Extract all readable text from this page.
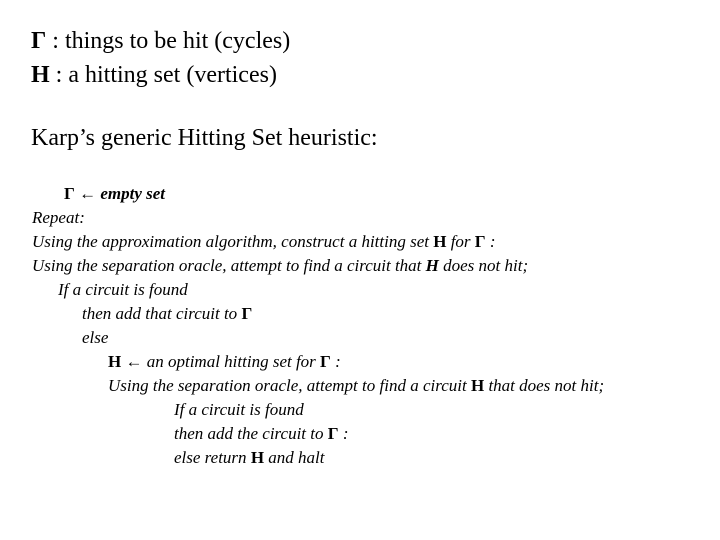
Γ : things to be hit (cycles)
H : a hitting set (vertices)
Karp’s generic Hitting Set heuristic:
Γ ← empty set
Repeat:
Using the approximation algorithm, construct a hitting set H for Γ :
Using the separation oracle, attempt to find a circuit that H does not hit;
If a circuit is found
then add that circuit to Γ
else
H ← an optimal hitting set for Γ :
Using the separation oracle, attempt to find a circuit H that does not hit;
If a circuit is found
then add the circuit to Γ :
else return H and halt
